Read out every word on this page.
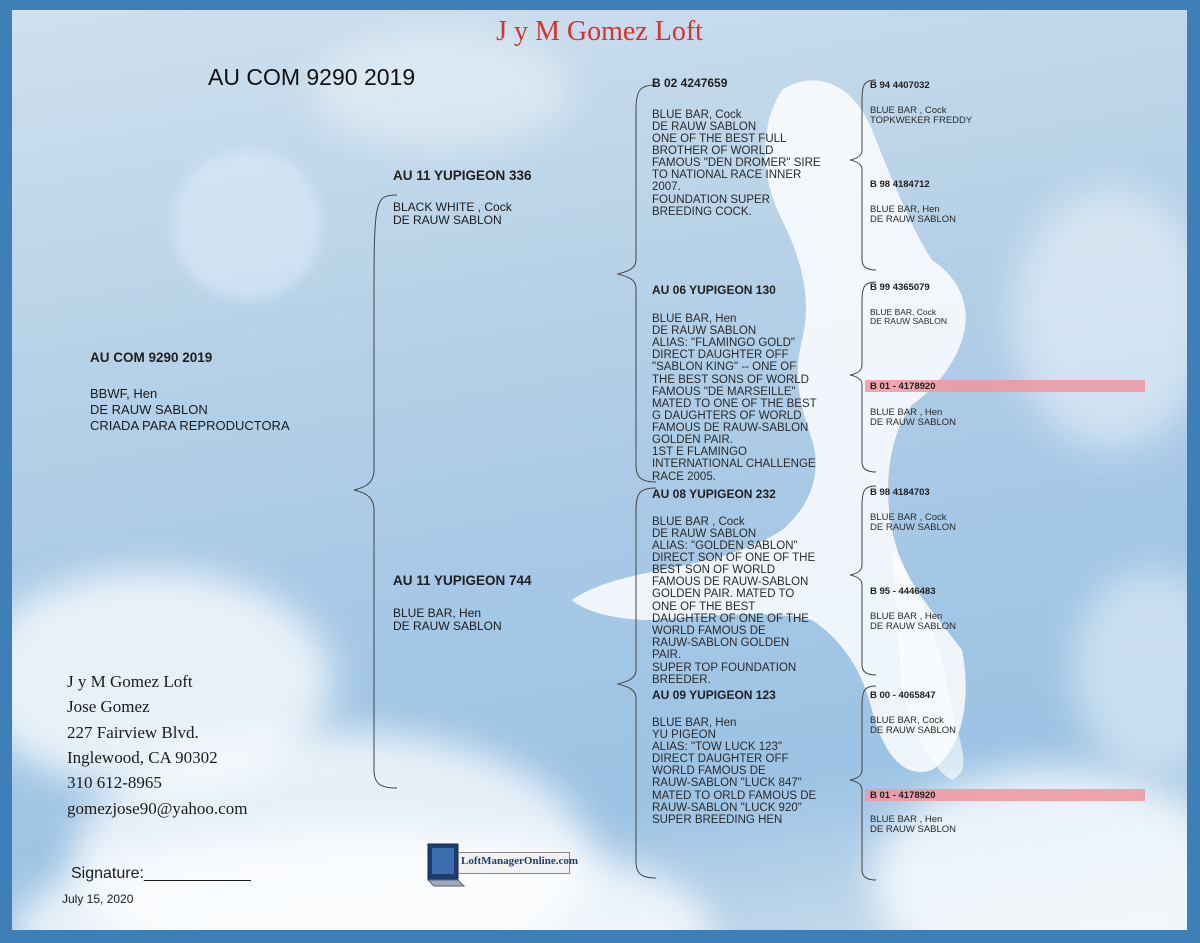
J y M Gomez Loft
AU COM 9290 2019
AU COM 9290 2019
BBWF, Hen
DE RAUW SABLON
CRIADA PARA REPRODUCTORA
AU 11 YUPIGEON 336
BLACK WHITE , Cock
DE RAUW SABLON
AU 11 YUPIGEON 744
BLUE BAR, Hen
DE RAUW SABLON
B 02 4247659
BLUE BAR, Cock
DE RAUW SABLON
ONE OF THE BEST FULL
BROTHER OF WORLD
FAMOUS "DEN DROMER" SIRE
TO NATIONAL RACE INNER
2007.
FOUNDATION SUPER
BREEDING COCK.
AU 06 YUPIGEON 130
BLUE BAR, Hen
DE RAUW SABLON
ALIAS: "FLAMINGO GOLD"
DIRECT DAUGHTER OFF
"SABLON KING" -- ONE OF
THE BEST SONS OF WORLD
FAMOUS "DE MARSEILLE"
MATED TO ONE OF THE BEST
G DAUGHTERS OF WORLD
FAMOUS DE RAUW-SABLON
GOLDEN PAIR.
1ST E FLAMINGO
INTERNATIONAL CHALLENGE
RACE 2005.
AU 08 YUPIGEON 232
BLUE BAR , Cock
DE RAUW SABLON
ALIAS: "GOLDEN SABLON"
DIRECT SON OF ONE OF THE
BEST SON OF WORLD
FAMOUS DE RAUW-SABLON
GOLDEN PAIR. MATED TO
ONE OF THE BEST
DAUGHTER OF ONE OF THE
WORLD FAMOUS DE
RAUW-SABLON GOLDEN
PAIR.
SUPER TOP FOUNDATION
BREEDER.
AU 09 YUPIGEON 123
BLUE BAR, Hen
YU PIGEON
ALIAS: "TOW LUCK 123"
DIRECT DAUGHTER OFF
WORLD FAMOUS DE
RAUW-SABLON "LUCK 847"
MATED TO ORLD FAMOUS DE
RAUW-SABLON "LUCK 920"
SUPER BREEDING HEN
B 94 4407032
BLUE BAR , Cock
TOPKWEKER FREDDY
B 98 4184712
BLUE BAR, Hen
DE RAUW SABLON
B 99 4365079
BLUE BAR, Cock
DE RAUW SABLON
B 01 - 4178920
BLUE BAR , Hen
DE RAUW SABLON
B 98 4184703
BLUE BAR , Cock
DE RAUW SABLON
B 95 - 4446483
BLUE BAR , Hen
DE RAUW SABLON
B 00 - 4065847
BLUE BAR, Cock
DE RAUW SABLON
B 01 - 4178920
BLUE BAR , Hen
DE RAUW SABLON
J y M Gomez Loft
Jose Gomez
227 Fairview Blvd.
Inglewood, CA 90302
310 612-8965
gomezjose90@yahoo.com
Signature:____________
July 15, 2020
LoftManagerOnline.com
